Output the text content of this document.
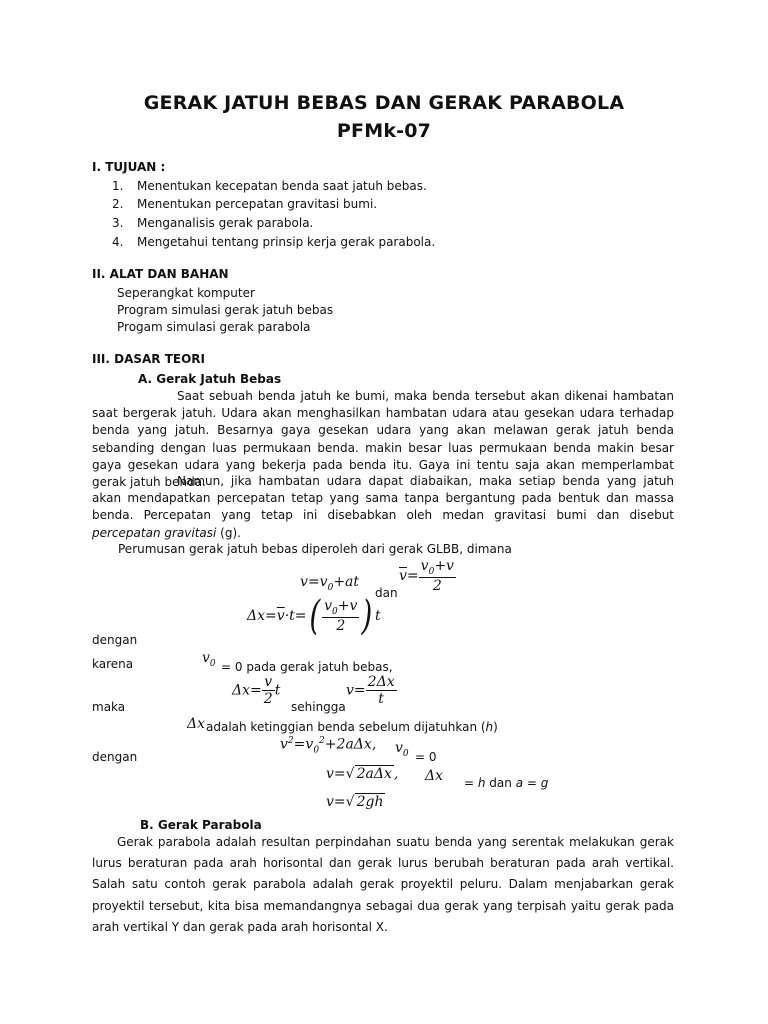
GERAK JATUH BEBAS DAN GERAK PARABOLA
PFMk-07
I. TUJUAN :
1. Menentukan kecepatan benda saat jatuh bebas.
2. Menentukan percepatan gravitasi bumi.
3. Menganalisis gerak parabola.
4. Mengetahui tentang prinsip kerja gerak parabola.
II. ALAT DAN BAHAN
Seperangkat komputer
Program simulasi gerak jatuh bebas
Progam simulasi gerak parabola
III. DASAR TEORI
A. Gerak Jatuh Bebas
Saat sebuah benda jatuh ke bumi, maka benda tersebut akan dikenai hambatan saat bergerak jatuh. Udara akan menghasilkan hambatan udara atau gesekan udara terhadap benda yang jatuh. Besarnya gaya gesekan udara yang akan melawan gerak jatuh benda sebanding dengan luas permukaan benda. makin besar luas permukaan benda makin besar gaya gesekan udara yang bekerja pada benda itu. Gaya ini tentu saja akan memperlambat gerak jatuh benda.
Namun, jika hambatan udara dapat diabaikan, maka setiap benda yang jatuh akan mendapatkan percepatan tetap yang sama tanpa bergantung pada bentuk dan massa benda. Percepatan yang tetap ini disebabkan oleh medan gravitasi bumi dan disebut percepatan gravitasi (g).
Perumusan gerak jatuh bebas diperoleh dari gerak GLBB, dimana
$v=v_0+at$
dan
$\overline{v}= \frac{v_0+v}{2}$
$\Delta x=\overline{v}\cdot t=( \frac{v_0+v}{2}$ ) t
dengan
karena	$v_0 = 0$ pada gerak jatuh bebas,
maka
$\Delta x= \frac{v}{2}$ t
sehingga
$v= \frac{2\Delta x}{t}$
Δx adalah ketinggian benda sebelum dijatuhkan (h)
dengan
$v^2=v_0^2+2a\Delta x$, $v_0 = 0$
v=√ 2aΔx , Δx = h dan a = g
v=√ 2gh
B. Gerak Parabola
Gerak parabola adalah resultan perpindahan suatu benda yang serentak melakukan gerak lurus beraturan pada arah horisontal dan gerak lurus berubah beraturan pada arah vertikal. Salah satu contoh gerak parabola adalah gerak proyektil peluru. Dalam menjabarkan gerak proyektil tersebut, kita bisa memandangnya sebagai dua gerak yang terpisah yaitu gerak pada arah vertikal Y dan gerak pada arah horisontal X.
